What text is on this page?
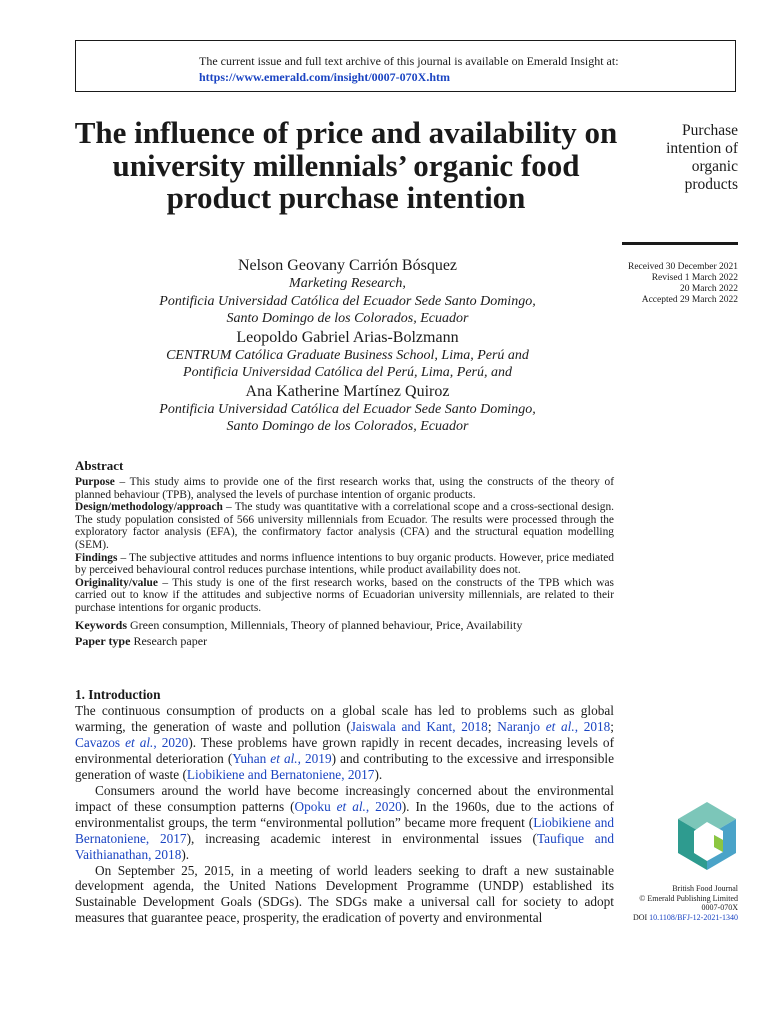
The current issue and full text archive of this journal is available on Emerald Insight at:
https://www.emerald.com/insight/0007-070X.htm
The influence of price and availability on university millennials’ organic food product purchase intention
Purchase
intention of
organic
products
Received 30 December 2021
Revised 1 March 2022
20 March 2022
Accepted 29 March 2022
Nelson Geovany Carrión Bósquez
Marketing Research,
Pontificia Universidad Católica del Ecuador Sede Santo Domingo,
Santo Domingo de los Colorados, Ecuador
Leopoldo Gabriel Arias-Bolzmann
CENTRUM Católica Graduate Business School, Lima, Perú and
Pontificia Universidad Católica del Perú, Lima, Perú, and
Ana Katherine Martínez Quiroz
Pontificia Universidad Católica del Ecuador Sede Santo Domingo,
Santo Domingo de los Colorados, Ecuador
Abstract

Purpose – This study aims to provide one of the first research works that, using the constructs of the theory of planned behaviour (TPB), analysed the levels of purchase intention of organic products.

Design/methodology/approach – The study was quantitative with a correlational scope and a cross-sectional design. The study population consisted of 566 university millennials from Ecuador. The results were processed through the exploratory factor analysis (EFA), the confirmatory factor analysis (CFA) and the structural equation modelling (SEM).

Findings – The subjective attitudes and norms influence intentions to buy organic products. However, price mediated by perceived behavioural control reduces purchase intentions, while product availability does not.

Originality/value – This study is one of the first research works, based on the constructs of the TPB which was carried out to know if the attitudes and subjective norms of Ecuadorian university millennials, are related to their purchase intentions for organic products.

Keywords Green consumption, Millennials, Theory of planned behaviour, Price, Availability

Paper type Research paper

1. Introduction

The continuous consumption of products on a global scale has led to problems such as global warming, the generation of waste and pollution (Jaiswala and Kant, 2018; Naranjo et al., 2018; Cavazos et al., 2020). These problems have grown rapidly in recent decades, increasing levels of environmental deterioration (Yuhan et al., 2019) and contributing to the excessive and irresponsible generation of waste (Liobikiene and Bernatoniene, 2017).

Consumers around the world have become increasingly concerned about the environmental impact of these consumption patterns (Opoku et al., 2020). In the 1960s, due to the actions of environmentalist groups, the term “environmental pollution” became more frequent (Liobikiene and Bernatoniene, 2017), increasing academic interest in environmental issues (Taufique and Vaithianathan, 2018).

On September 25, 2015, in a meeting of world leaders seeking to draft a new sustainable development agenda, the United Nations Development Programme (UNDP) established its Sustainable Development Goals (SDGs). The SDGs make a universal call for society to adopt measures that guarantee peace, prosperity, the eradication of poverty and environmental

British Food Journal
© Emerald Publishing Limited
0007-070X
DOI 10.1108/BFJ-12-2021-1340
